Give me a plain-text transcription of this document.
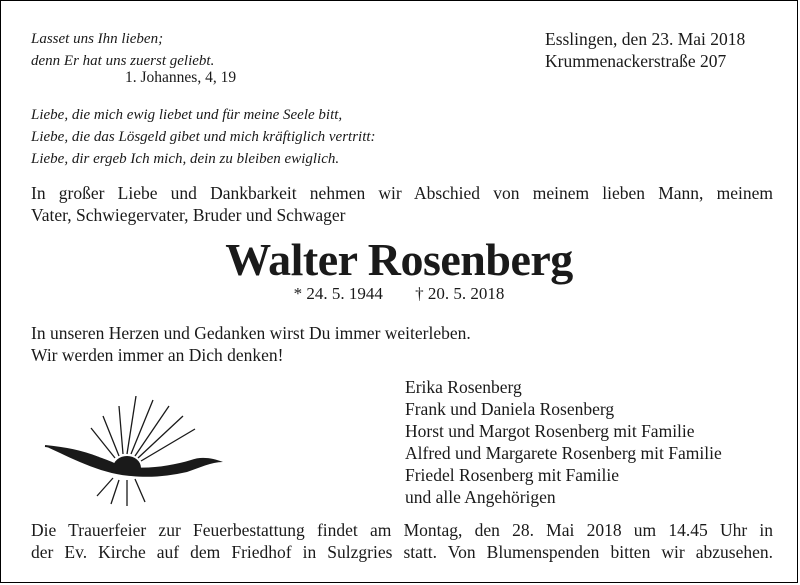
Lasset uns Ihn lieben;
denn Er hat uns zuerst geliebt.
1. Johannes, 4, 19
Esslingen, den 23. Mai 2018
Krummenackerstraße 207
Liebe, die mich ewig liebet und für meine Seele bitt,
Liebe, die das Lösgeld gibet und mich kräftiglich vertritt:
Liebe, dir ergeb Ich mich, dein zu bleiben ewiglich.
In großer Liebe und Dankbarkeit nehmen wir Abschied von meinem lieben Mann, meinem
Vater, Schwiegervater, Bruder und Schwager
Walter Rosenberg
* 24. 5. 1944 † 20. 5. 2018
In unseren Herzen und Gedanken wirst Du immer weiterleben.
Wir werden immer an Dich denken!
Erika Rosenberg
Frank und Daniela Rosenberg
Horst und Margot Rosenberg mit Familie
Alfred und Margarete Rosenberg mit Familie
Friedel Rosenberg mit Familie
und alle Angehörigen
Die Trauerfeier zur Feuerbestattung findet am Montag, den 28. Mai 2018 um 14.45 Uhr in
der Ev. Kirche auf dem Friedhof in Sulzgries statt. Von Blumenspenden bitten wir abzusehen.
